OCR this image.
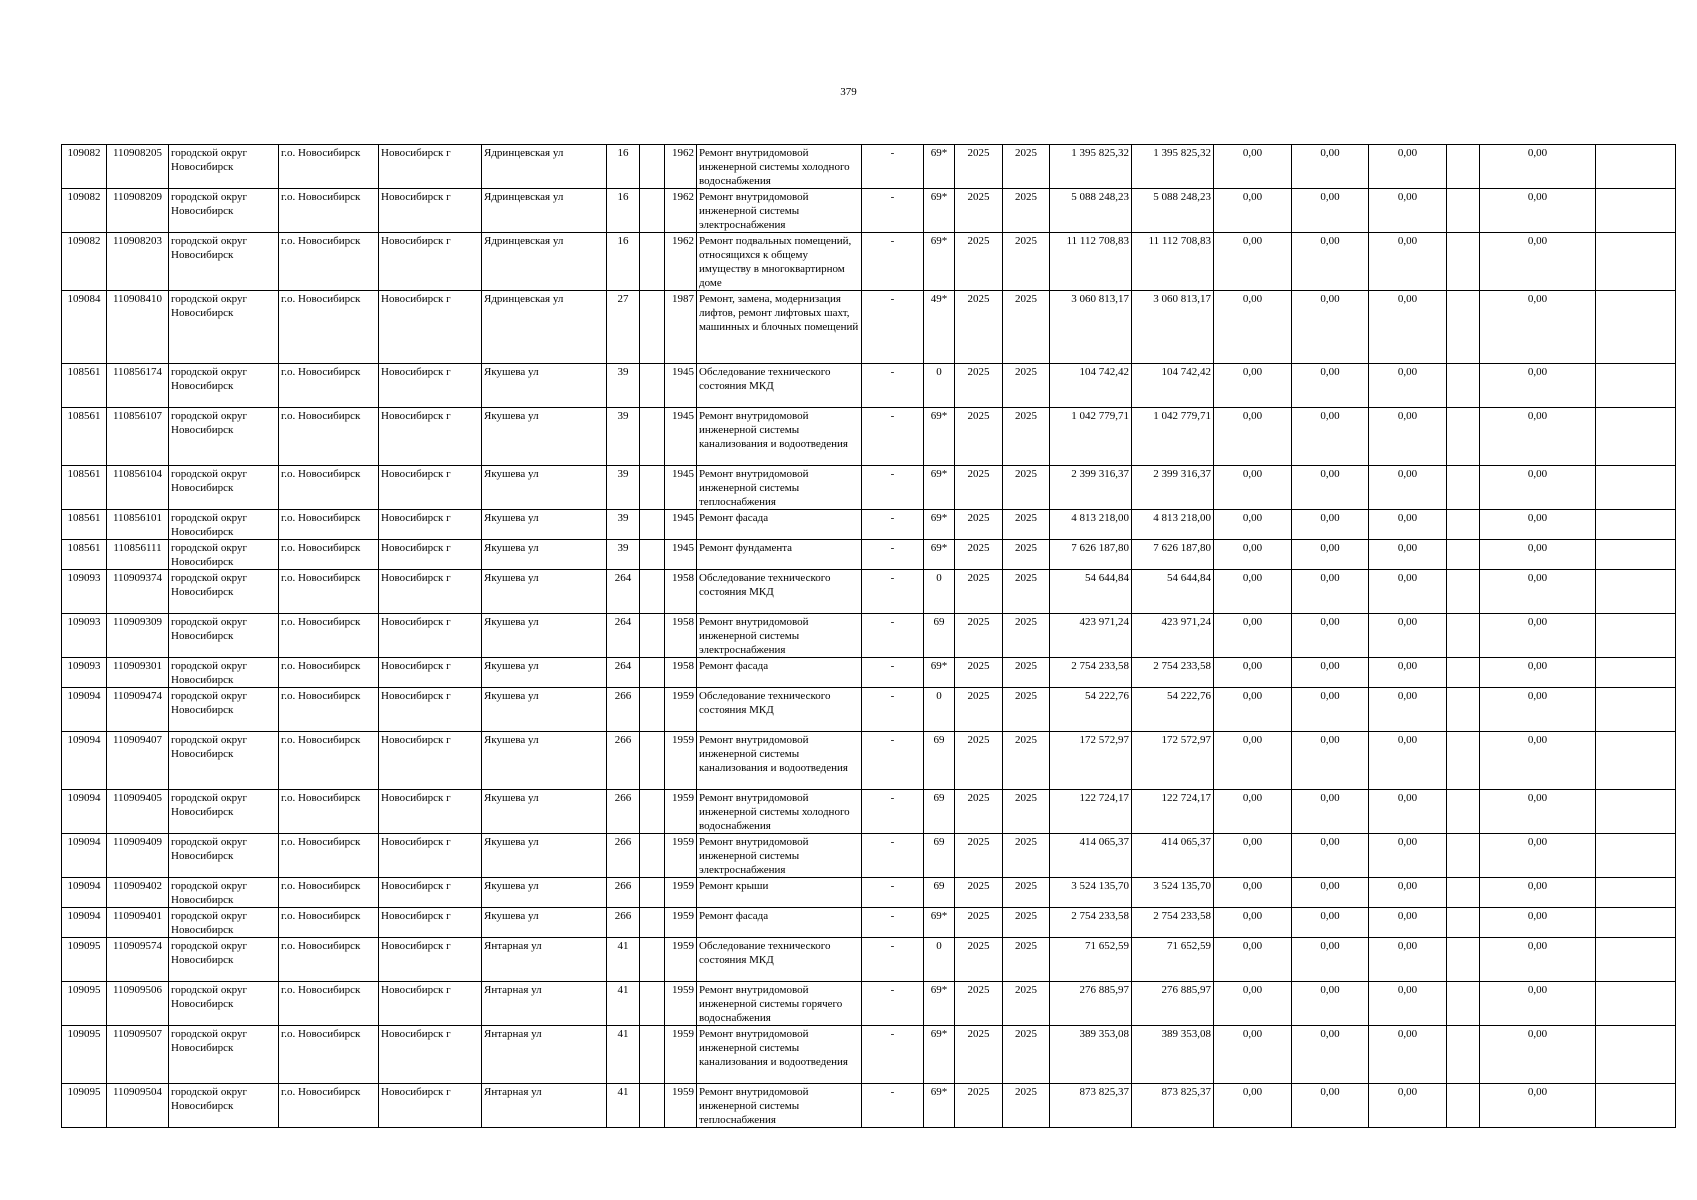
379
109082	110908205	городской округ Новосибирск	г.о. Новосибирск	Новосибирск г	Ядринцевская ул	16		1962	Ремонт внутридомовой инженерной системы холодного водоснабжения	-	69*	2025	2025	1 395 825,32	1 395 825,32	0,00	0,00	0,00		0,00	
109082	110908209	городской округ Новосибирск	г.о. Новосибирск	Новосибирск г	Ядринцевская ул	16		1962	Ремонт внутридомовой инженерной системы электроснабжения	-	69*	2025	2025	5 088 248,23	5 088 248,23	0,00	0,00	0,00		0,00	
109082	110908203	городской округ Новосибирск	г.о. Новосибирск	Новосибирск г	Ядринцевская ул	16		1962	Ремонт подвальных помещений, относящихся к общему имуществу в многоквартирном доме	-	69*	2025	2025	11 112 708,83	11 112 708,83	0,00	0,00	0,00		0,00	
109084	110908410	городской округ Новосибирск	г.о. Новосибирск	Новосибирск г	Ядринцевская ул	27		1987	Ремонт, замена, модернизация лифтов, ремонт лифтовых шахт, машинных и блочных помещений	-	49*	2025	2025	3 060 813,17	3 060 813,17	0,00	0,00	0,00		0,00	
108561	110856174	городской округ Новосибирск	г.о. Новосибирск	Новосибирск г	Якушева ул	39		1945	Обследование технического состояния МКД	-	0	2025	2025	104 742,42	104 742,42	0,00	0,00	0,00		0,00	
108561	110856107	городской округ Новосибирск	г.о. Новосибирск	Новосибирск г	Якушева ул	39		1945	Ремонт внутридомовой инженерной системы канализования и водоотведения	-	69*	2025	2025	1 042 779,71	1 042 779,71	0,00	0,00	0,00		0,00	
108561	110856104	городской округ Новосибирск	г.о. Новосибирск	Новосибирск г	Якушева ул	39		1945	Ремонт внутридомовой инженерной системы теплоснабжения	-	69*	2025	2025	2 399 316,37	2 399 316,37	0,00	0,00	0,00		0,00	
108561	110856101	городской округ Новосибирск	г.о. Новосибирск	Новосибирск г	Якушева ул	39		1945	Ремонт фасада	-	69*	2025	2025	4 813 218,00	4 813 218,00	0,00	0,00	0,00		0,00	
108561	110856111	городской округ Новосибирск	г.о. Новосибирск	Новосибирск г	Якушева ул	39		1945	Ремонт фундамента	-	69*	2025	2025	7 626 187,80	7 626 187,80	0,00	0,00	0,00		0,00	
109093	110909374	городской округ Новосибирск	г.о. Новосибирск	Новосибирск г	Якушева ул	264		1958	Обследование технического состояния МКД	-	0	2025	2025	54 644,84	54 644,84	0,00	0,00	0,00		0,00	
109093	110909309	городской округ Новосибирск	г.о. Новосибирск	Новосибирск г	Якушева ул	264		1958	Ремонт внутридомовой инженерной системы электроснабжения	-	69	2025	2025	423 971,24	423 971,24	0,00	0,00	0,00		0,00	
109093	110909301	городской округ Новосибирск	г.о. Новосибирск	Новосибирск г	Якушева ул	264		1958	Ремонт фасада	-	69*	2025	2025	2 754 233,58	2 754 233,58	0,00	0,00	0,00		0,00	
109094	110909474	городской округ Новосибирск	г.о. Новосибирск	Новосибирск г	Якушева ул	266		1959	Обследование технического состояния МКД	-	0	2025	2025	54 222,76	54 222,76	0,00	0,00	0,00		0,00	
109094	110909407	городской округ Новосибирск	г.о. Новосибирск	Новосибирск г	Якушева ул	266		1959	Ремонт внутридомовой инженерной системы канализования и водоотведения	-	69	2025	2025	172 572,97	172 572,97	0,00	0,00	0,00		0,00	
109094	110909405	городской округ Новосибирск	г.о. Новосибирск	Новосибирск г	Якушева ул	266		1959	Ремонт внутридомовой инженерной системы холодного водоснабжения	-	69	2025	2025	122 724,17	122 724,17	0,00	0,00	0,00		0,00	
109094	110909409	городской округ Новосибирск	г.о. Новосибирск	Новосибирск г	Якушева ул	266		1959	Ремонт внутридомовой инженерной системы электроснабжения	-	69	2025	2025	414 065,37	414 065,37	0,00	0,00	0,00		0,00	
109094	110909402	городской округ Новосибирск	г.о. Новосибирск	Новосибирск г	Якушева ул	266		1959	Ремонт крыши	-	69	2025	2025	3 524 135,70	3 524 135,70	0,00	0,00	0,00		0,00	
109094	110909401	городской округ Новосибирск	г.о. Новосибирск	Новосибирск г	Якушева ул	266		1959	Ремонт фасада	-	69*	2025	2025	2 754 233,58	2 754 233,58	0,00	0,00	0,00		0,00	
109095	110909574	городской округ Новосибирск	г.о. Новосибирск	Новосибирск г	Янтарная ул	41		1959	Обследование технического состояния МКД	-	0	2025	2025	71 652,59	71 652,59	0,00	0,00	0,00		0,00	
109095	110909506	городской округ Новосибирск	г.о. Новосибирск	Новосибирск г	Янтарная ул	41		1959	Ремонт внутридомовой инженерной системы горячего водоснабжения	-	69*	2025	2025	276 885,97	276 885,97	0,00	0,00	0,00		0,00	
109095	110909507	городской округ Новосибирск	г.о. Новосибирск	Новосибирск г	Янтарная ул	41		1959	Ремонт внутридомовой инженерной системы канализования и водоотведения	-	69*	2025	2025	389 353,08	389 353,08	0,00	0,00	0,00		0,00	
109095	110909504	городской округ Новосибирск	г.о. Новосибирск	Новосибирск г	Янтарная ул	41		1959	Ремонт внутридомовой инженерной системы теплоснабжения	-	69*	2025	2025	873 825,37	873 825,37	0,00	0,00	0,00		0,00	
